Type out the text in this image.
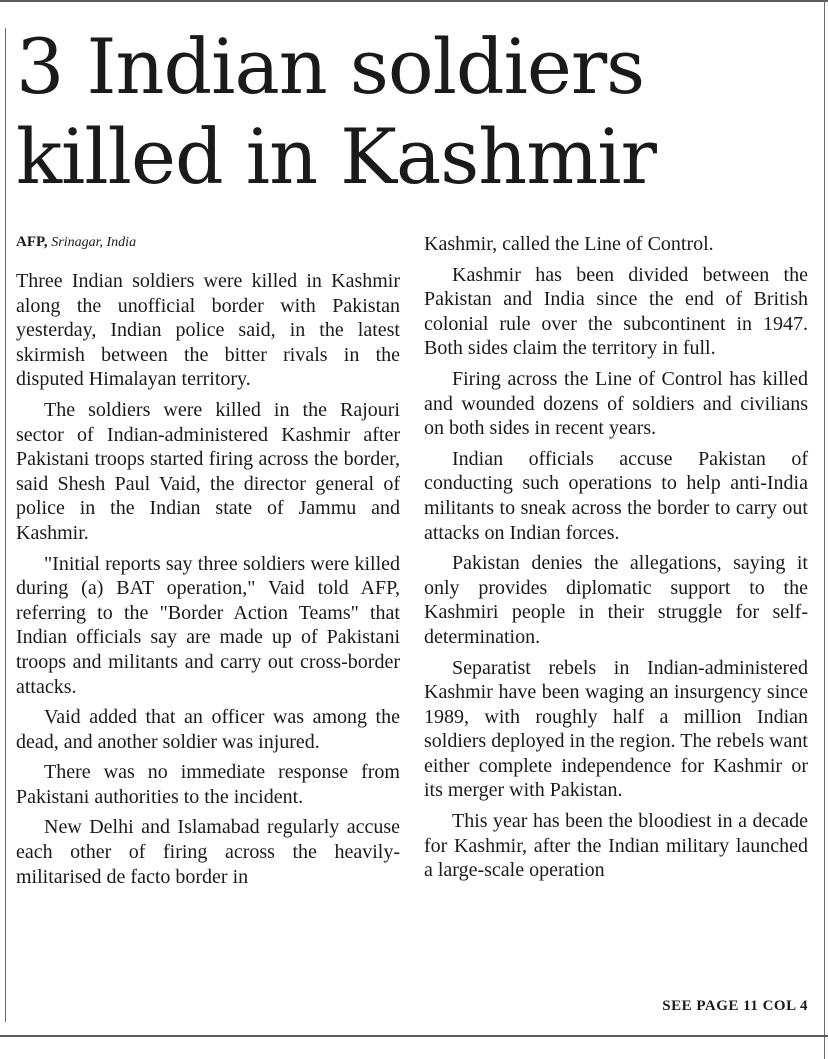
3 Indian soldiers
killed in Kashmir
AFP, Srinagar, India

Three Indian soldiers were killed in Kashmir along the unofficial border with Pakistan yesterday, Indian police said, in the latest skirmish between the bitter rivals in the disputed Himalayan territory.

The soldiers were killed in the Rajouri sector of Indian-administered Kashmir after Pakistani troops started firing across the border, said Shesh Paul Vaid, the director general of police in the Indian state of Jammu and Kashmir.

"Initial reports say three soldiers were killed during (a) BAT operation," Vaid told AFP, referring to the "Border Action Teams" that Indian officials say are made up of Pakistani troops and militants and carry out cross-border attacks.

Vaid added that an officer was among the dead, and another soldier was injured.

There was no immediate response from Pakistani authorities to the incident.

New Delhi and Islamabad regularly accuse each other of firing across the heavily-militarised de facto border in

Kashmir, called the Line of Control.

Kashmir has been divided between the Pakistan and India since the end of British colonial rule over the subcontinent in 1947. Both sides claim the territory in full.

Firing across the Line of Control has killed and wounded dozens of soldiers and civilians on both sides in recent years.

Indian officials accuse Pakistan of conducting such operations to help anti-India militants to sneak across the border to carry out attacks on Indian forces.

Pakistan denies the allegations, saying it only provides diplomatic support to the Kashmiri people in their struggle for self-determination.

Separatist rebels in Indian-administered Kashmir have been waging an insurgency since 1989, with roughly half a million Indian soldiers deployed in the region. The rebels want either complete independence for Kashmir or its merger with Pakistan.

This year has been the bloodiest in a decade for Kashmir, after the Indian military launched a large-scale operation

SEE PAGE 11 COL 4
